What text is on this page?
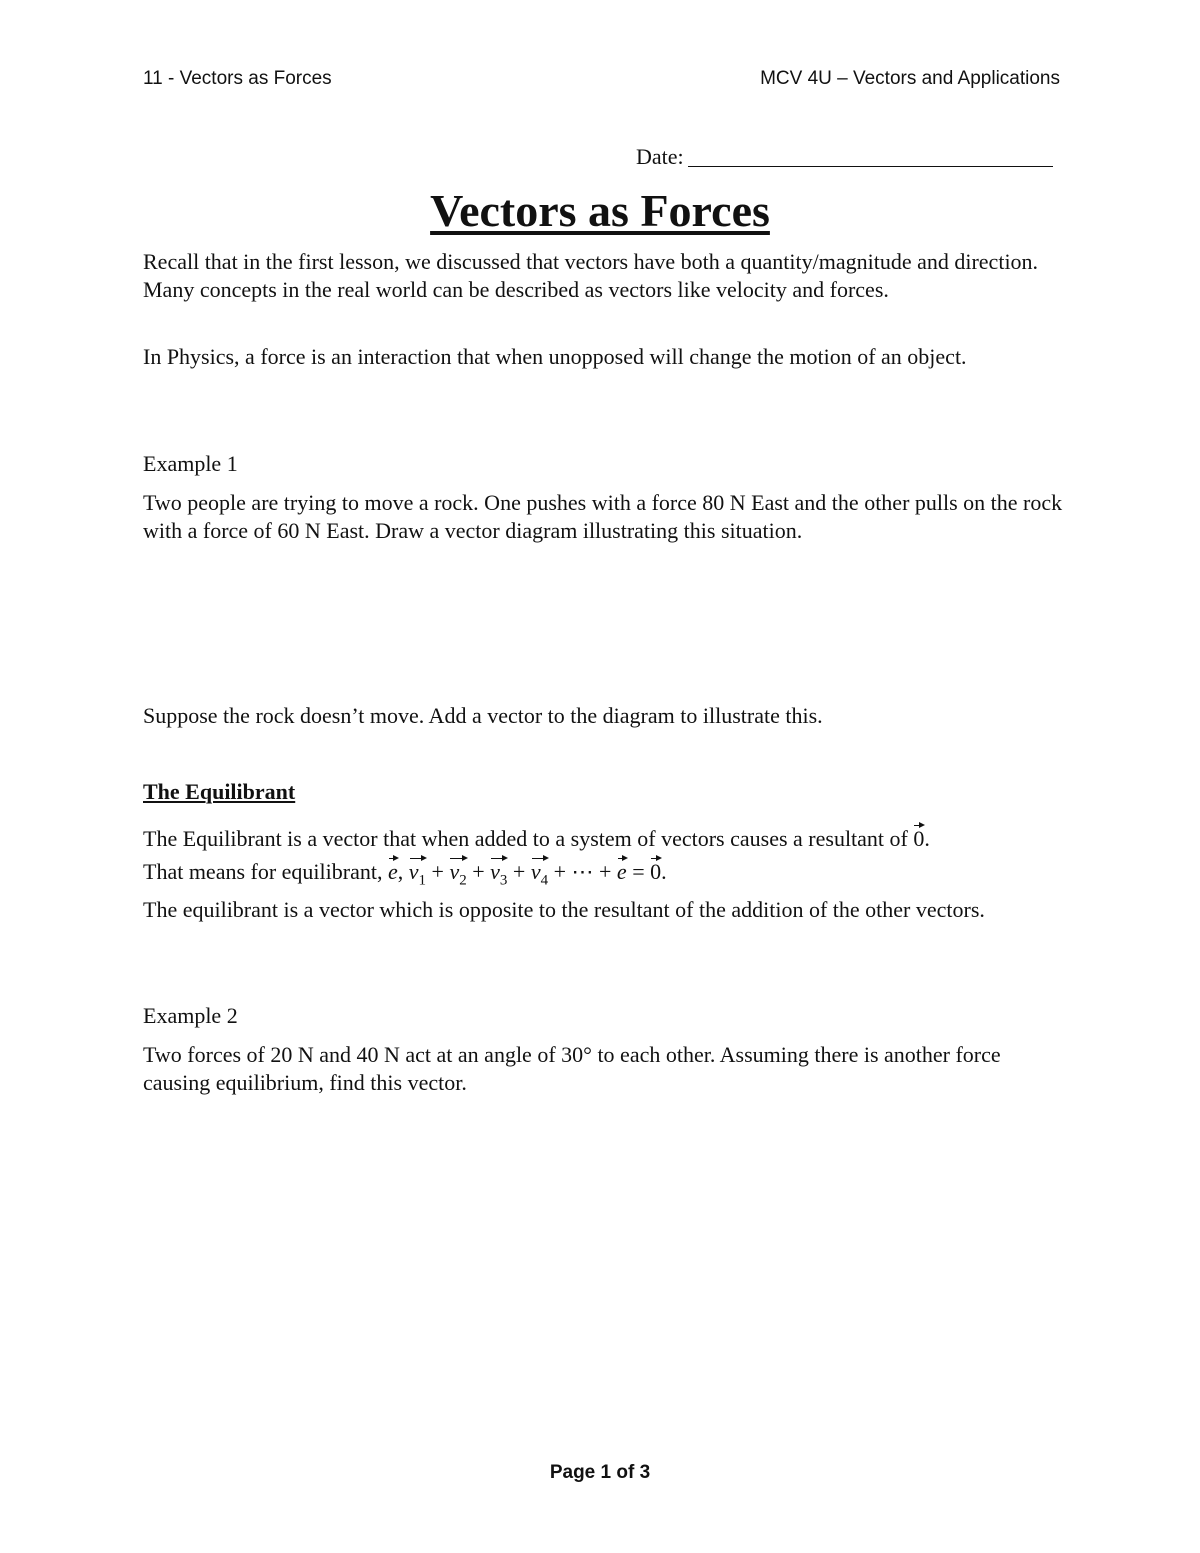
11 - Vectors as Forces	MCV 4U – Vectors and Applications
Date:
Vectors as Forces
Recall that in the first lesson, we discussed that vectors have both a quantity/magnitude and direction. Many concepts in the real world can be described as vectors like velocity and forces.
In Physics, a force is an interaction that when unopposed will change the motion of an object.
Example 1
Two people are trying to move a rock. One pushes with a force 80 N East and the other pulls on the rock with a force of 60 N East. Draw a vector diagram illustrating this situation.
Suppose the rock doesn’t move. Add a vector to the diagram to illustrate this.
The Equilibrant
The Equilibrant is a vector that when added to a system of vectors causes a resultant of 0.
That means for equilibrant, e, $v_1 + v_2 + v_3 + v_4$ + ⋯ + e = 0.
The equilibrant is a vector which is opposite to the resultant of the addition of the other vectors.
Example 2
Two forces of 20 N and 40 N act at an angle of 30° to each other. Assuming there is another force causing equilibrium, find this vector.
Page 1 of 3
